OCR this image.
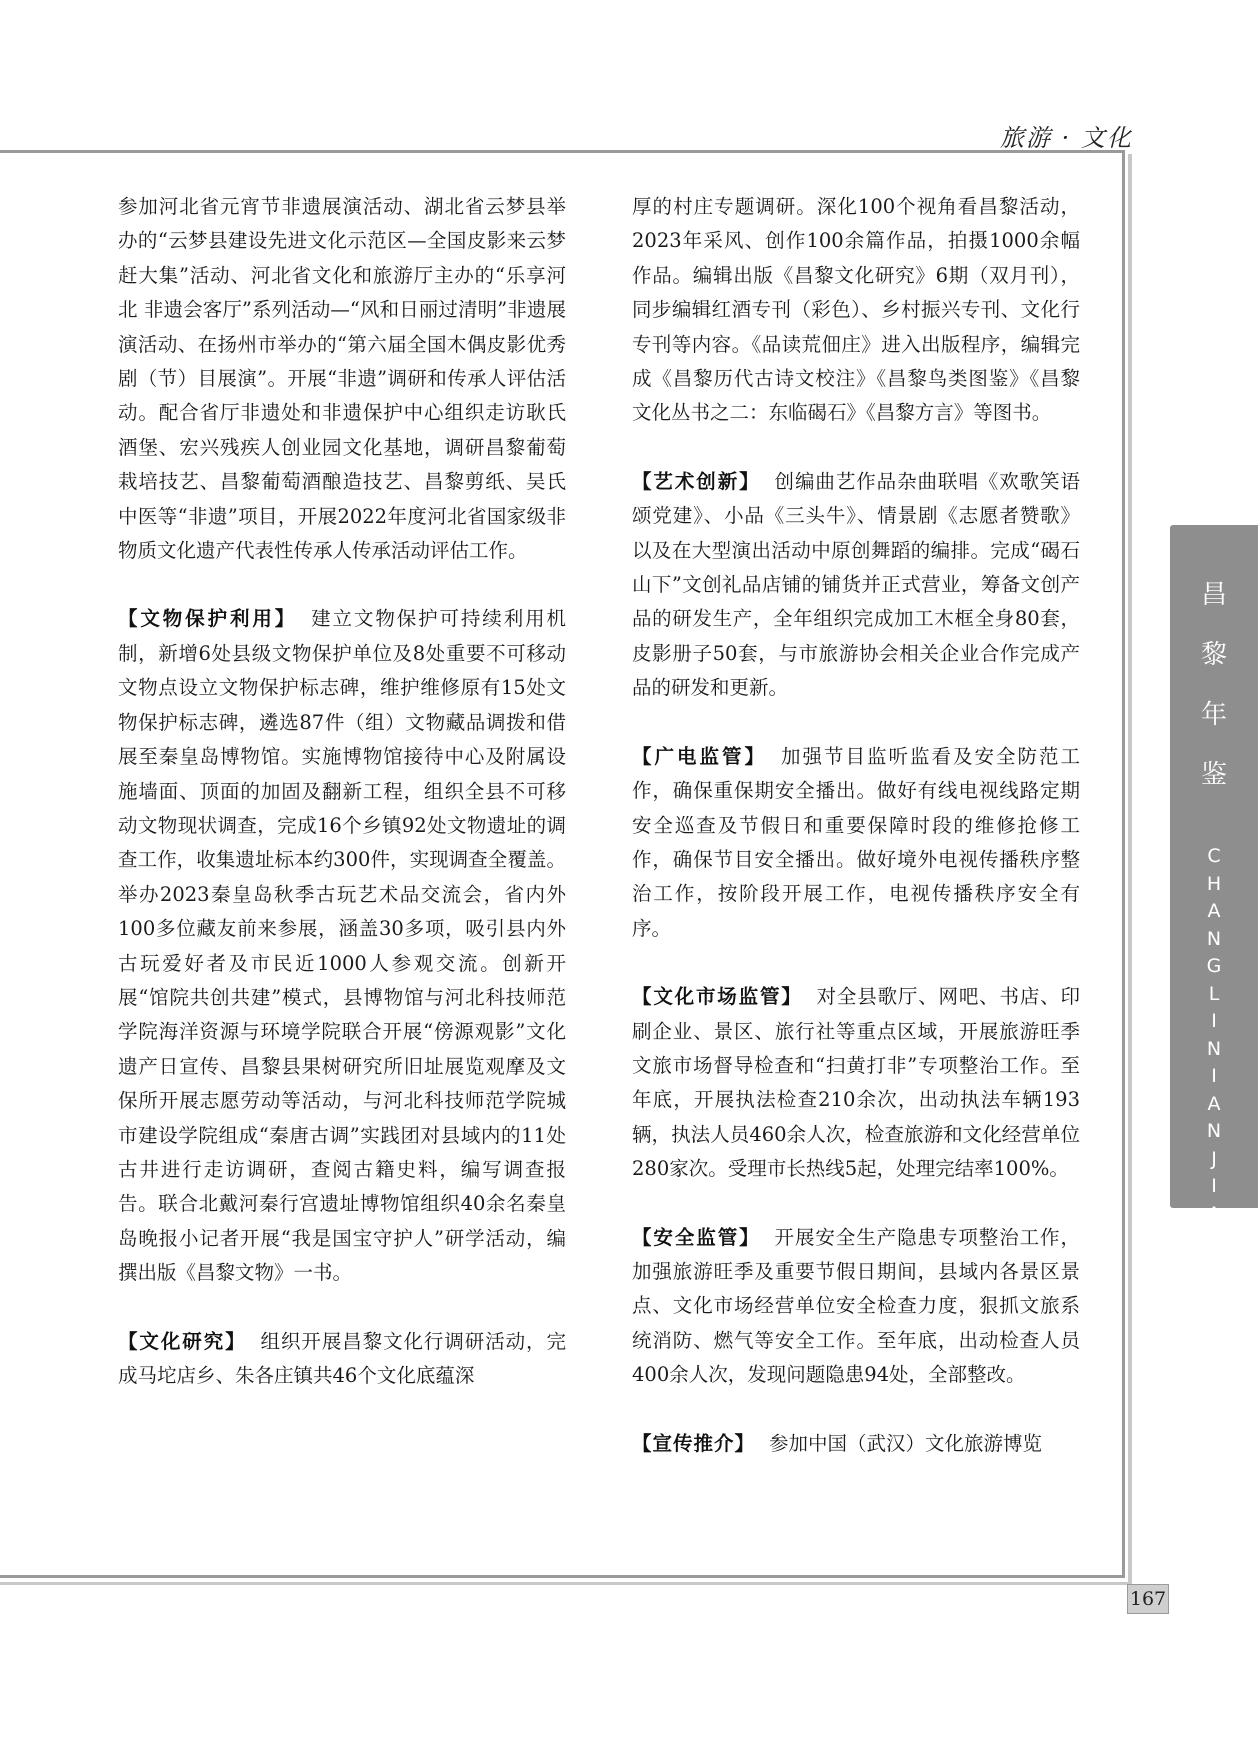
旅游 · 文化

参加河北省元宵节非遗展演活动、湖北省云梦县举办的“云梦县建设先进文化示范区—全国皮影来云梦赶大集”活动、河北省文化和旅游厅主办的“乐享河北 非遗会客厅”系列活动—“风和日丽过清明”非遗展演活动、在扬州市举办的“第六届全国木偶皮影优秀剧（节）目展演”。开展“非遗”调研和传承人评估活动。配合省厅非遗处和非遗保护中心组织走访耿氏酒堡、宏兴残疾人创业园文化基地，调研昌黎葡萄栽培技艺、昌黎葡萄酒酿造技艺、昌黎剪纸、吴氏中医等“非遗”项目，开展2022年度河北省国家级非物质文化遗产代表性传承人传承活动评估工作。

【文物保护利用】 建立文物保护可持续利用机制，新增6处县级文物保护单位及8处重要不可移动文物点设立文物保护标志碑，维护维修原有15处文物保护标志碑，遴选87件（组）文物藏品调拨和借展至秦皇岛博物馆。实施博物馆接待中心及附属设施墙面、顶面的加固及翻新工程，组织全县不可移动文物现状调查，完成16个乡镇92处文物遗址的调查工作，收集遗址标本约300件，实现调查全覆盖。举办2023秦皇岛秋季古玩艺术品交流会，省内外100多位藏友前来参展，涵盖30多项，吸引县内外古玩爱好者及市民近1000人参观交流。创新开展“馆院共创共建”模式，县博物馆与河北科技师范学院海洋资源与环境学院联合开展“傍源观影”文化遗产日宣传、昌黎县果树研究所旧址展览观摩及文保所开展志愿劳动等活动，与河北科技师范学院城市建设学院组成“秦唐古调”实践团对县域内的11处古井进行走访调研，查阅古籍史料，编写调查报告。联合北戴河秦行宫遗址博物馆组织40余名秦皇岛晚报小记者开展“我是国宝守护人”研学活动，编撰出版《昌黎文物》一书。

【文化研究】 组织开展昌黎文化行调研活动，完成马坨店乡、朱各庄镇共46个文化底蕴深

厚的村庄专题调研。深化100个视角看昌黎活动，2023年采风、创作100余篇作品，拍摄1000余幅作品。编辑出版《昌黎文化研究》6期（双月刊），同步编辑红酒专刊（彩色）、乡村振兴专刊、文化行专刊等内容。《品读荒佃庄》进入出版程序，编辑完成《昌黎历代古诗文校注》《昌黎鸟类图鉴》《昌黎文化丛书之二：东临碣石》《昌黎方言》等图书。

【艺术创新】 创编曲艺作品杂曲联唱《欢歌笑语颂党建》、小品《三头牛》、情景剧《志愿者赞歌》以及在大型演出活动中原创舞蹈的编排。完成“碣石山下”文创礼品店铺的铺货并正式营业，筹备文创产品的研发生产，全年组织完成加工木框全身80套，皮影册子50套，与市旅游协会相关企业合作完成产品的研发和更新。

【广电监管】 加强节目监听监看及安全防范工作，确保重保期安全播出。做好有线电视线路定期安全巡查及节假日和重要保障时段的维修抢修工作，确保节目安全播出。做好境外电视传播秩序整治工作，按阶段开展工作，电视传播秩序安全有序。

【文化市场监管】 对全县歌厅、网吧、书店、印刷企业、景区、旅行社等重点区域，开展旅游旺季文旅市场督导检查和“扫黄打非”专项整治工作。至年底，开展执法检查210余次，出动执法车辆193辆，执法人员460余人次，检查旅游和文化经营单位280家次。受理市长热线5起，处理完结率100%。

【安全监管】 开展安全生产隐患专项整治工作，加强旅游旺季及重要节假日期间，县域内各景区景点、文化市场经营单位安全检查力度，狠抓文旅系统消防、燃气等安全工作。至年底，出动检查人员400余人次，发现问题隐患94处，全部整改。

【宣传推介】 参加中国（武汉）文化旅游博览

昌
黎
年
鉴
C
H
A
N
G
L
I
N
I
A
N
J
I
A
N
167
